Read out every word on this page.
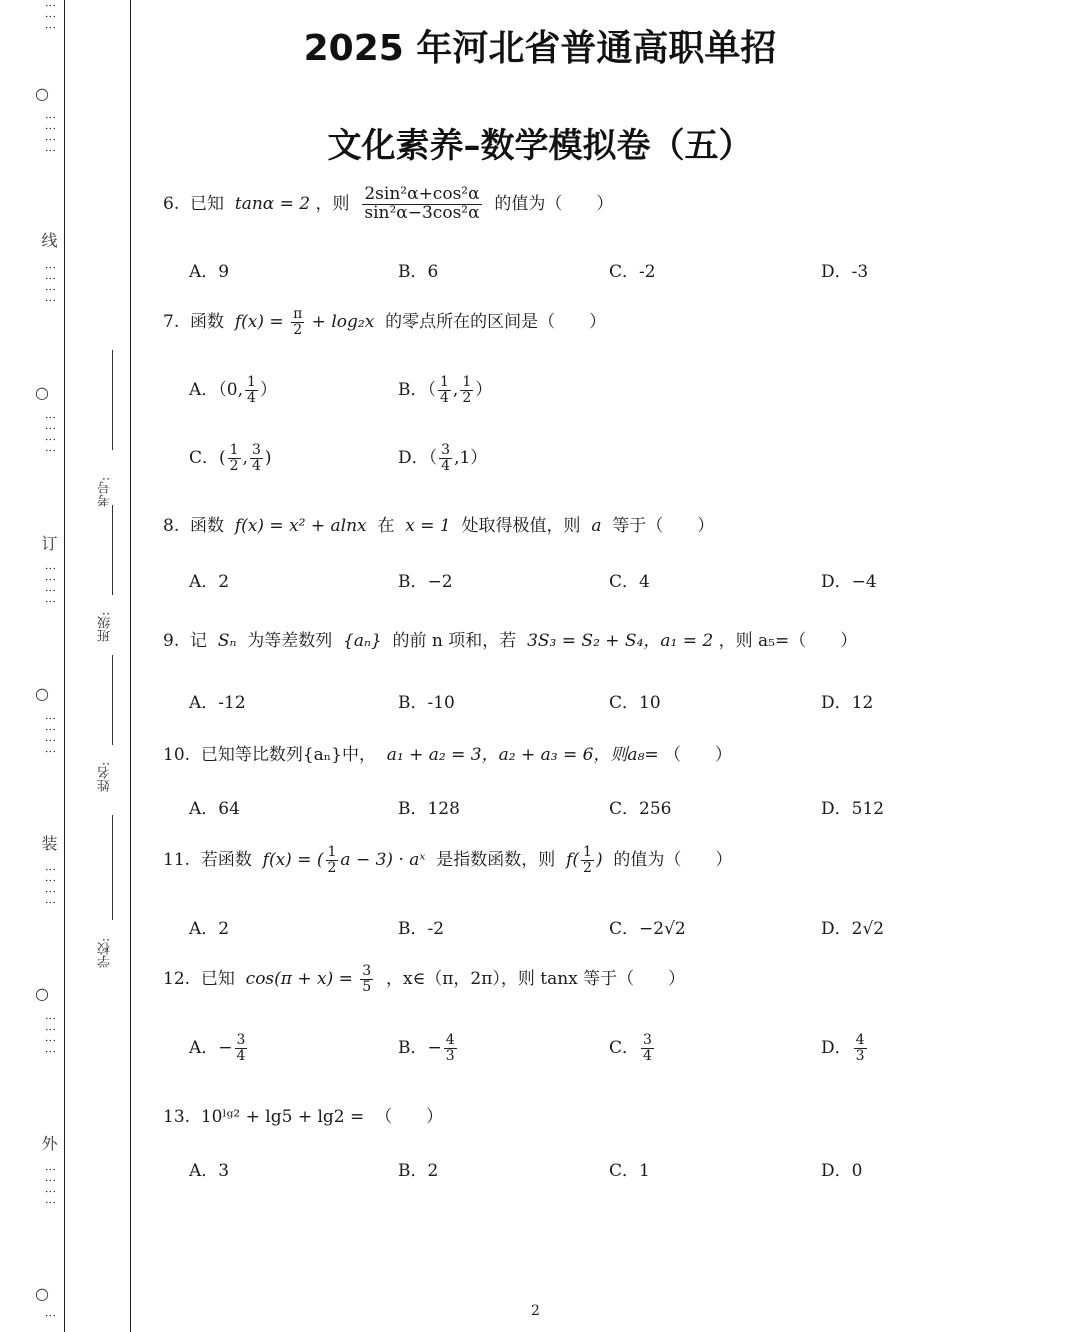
⋮⋮⋮
○
⋮⋮⋮⋮
线
⋮⋮⋮⋮
○
⋮⋮⋮⋮
订
⋮⋮⋮⋮
○
⋮⋮⋮⋮
装
⋮⋮⋮⋮
○
⋮⋮⋮⋮
外
⋮⋮⋮⋮
○
⋮
考号:
班级:
姓名:
学校:
2025 年河北省普通高职单招
文化素养–数学模拟卷（五）
6. 已知 tanα = 2 ，则 $\frac{\text{2sin²α+cos²α}}{\text{sin²α−3cos²α}}$ 的值为（　　）
A．9	B．6	C．-2	D．-3
7. 函数 $f(x) = \frac{\pi}{2} + \log_2x$ 的零点所在的区间是（　　）
A．（0, $\frac{1}{4}$ ）	B．（ $\frac{1}{4}$ , $\frac{1}{2}$ ）
C．( $\frac{1}{2}$ , $\frac{3}{4}$ )	D．（ $\frac{3}{4} ,1$）
8. 函数 f(x) = x² + alnx 在 x = 1 处取得极值，则 a 等于（　　）
A．2	B．−2	C．4	D．−4
9. 记 Sₙ 为等差数列 {aₙ} 的前 n 项和，若 3S₃ = S₂ + S₄，a₁ = 2 ，则 a₅=（　　）
A．-12	B．-10	C．10	D．12
10. 已知等比数列{aₙ}中， a₁ + a₂ = 3，a₂ + a₃ = 6，则a₈= （　　）
A．64	B．128	C．256	D．512
11. 若函数 f(x) = ( $\frac{1}{2}$ a − 3) · aˣ 是指数函数，则 $f( \frac{1}{2}$ ) 的值为（　　）
A．2	B．-2	C．−2√2	D．2√2
12. 已知 $\cos(\pi + x) = \frac{3}{5}$ ，x∈（π，2π），则 tanx 等于（　　）
A．− $\frac{3}{4}$	B．− $\frac{4}{3}$	C． $\frac{3}{4}$	D． $\frac{4}{3}$
13. 10ˡᵍ² + lg5 + lg2 = （　　）
A．3	B．2	C．1	D．0
2
